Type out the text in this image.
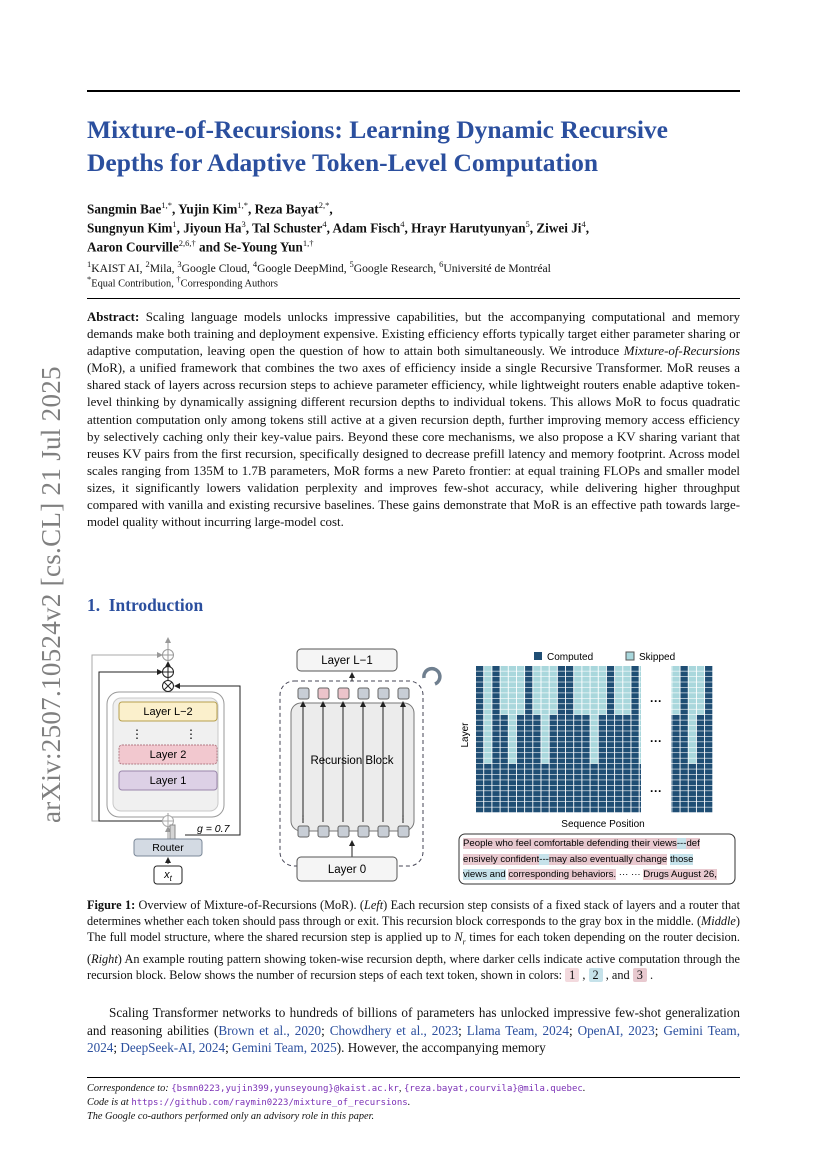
arXiv:2507.10524v2 [cs.CL] 21 Jul 2025
Mixture-of-Recursions: Learning Dynamic Recursive Depths for Adaptive Token-Level Computation
Sangmin Bae$^{1,*}$, Yujin Kim$^{1,*}$, Reza Bayat$^{2,*}$,
Sungnyun Kim$^1$, Jiyoun Ha$^3$, Tal Schuster$^4$, Adam Fisch$^4$, Hrayr Harutyunyan$^5$, Ziwei Ji$^4$,
Aaron Courville$^{2,6,\dagger}$ and Se-Young Yun$^{1,\dagger}$
$^1$KAIST AI, $^2$Mila, $^3$Google Cloud, $^4$Google DeepMind, $^5$Google Research, $^6$Université de Montréal
*Equal Contribution, †Corresponding Authors

Abstract: Scaling language models unlocks impressive capabilities, but the accompanying computational and memory demands make both training and deployment expensive. Existing efficiency efforts typically target either parameter sharing or adaptive computation, leaving open the question of how to attain both simultaneously. We introduce Mixture-of-Recursions (MoR), a unified framework that combines the two axes of efficiency inside a single Recursive Transformer. MoR reuses a shared stack of layers across recursion steps to achieve parameter efficiency, while lightweight routers enable adaptive token-level thinking by dynamically assigning different recursion depths to individual tokens. This allows MoR to focus quadratic attention computation only among tokens still active at a given recursion depth, further improving memory access efficiency by selectively caching only their key-value pairs. Beyond these core mechanisms, we also propose a KV sharing variant that reuses KV pairs from the first recursion, specifically designed to decrease prefill latency and memory footprint. Across model scales ranging from 135M to 1.7B parameters, MoR forms a new Pareto frontier: at equal training FLOPs and smaller model sizes, it significantly lowers validation perplexity and improves few-shot accuracy, while delivering higher throughput compared with vanilla and existing recursive baselines. These gains demonstrate that MoR is an effective path towards large-model quality without incurring large-model cost.

1. Introduction
Layer L−2
⋮	⋮
Layer 2
Layer 1
g = 0.7
Router
$x_t$
Layer L−1
Recursion Block
⋮	⋮
Layer 0
Computed	Skipped
Layer
···
···
···
Sequence Position
People who feel comfortable defending their views---def
ensively confident---may also eventually change those
views and corresponding behaviors. ··· ··· Drugs August 26,

Figure 1: Overview of Mixture-of-Recursions (MoR). (Left) Each recursion step consists of a fixed stack of layers and a router that determines whether each token should pass through or exit. This recursion block corresponds to the gray box in the middle. (Middle) The full model structure, where the shared recursion step is applied up to $N_r$ times for each token depending on the router decision. (Right) An example routing pattern showing token-wise recursion depth, where darker cells indicate active computation through the recursion block. Below shows the number of recursion steps of each text token, shown in colors: 1 , 2 , and 3 .

Scaling Transformer networks to hundreds of billions of parameters has unlocked impressive few-shot generalization and reasoning abilities (Brown et al., 2020; Chowdhery et al., 2023; Llama Team, 2024; OpenAI, 2023; Gemini Team, 2024; DeepSeek-AI, 2024; Gemini Team, 2025). However, the accompanying memory

Correspondence to: {bsmn0223,yujin399,yunseyoung}@kaist.ac.kr, {reza.bayat,courvila}@mila.quebec.
Code is at https://github.com/raymin0223/mixture_of_recursions.
The Google co-authors performed only an advisory role in this paper.
